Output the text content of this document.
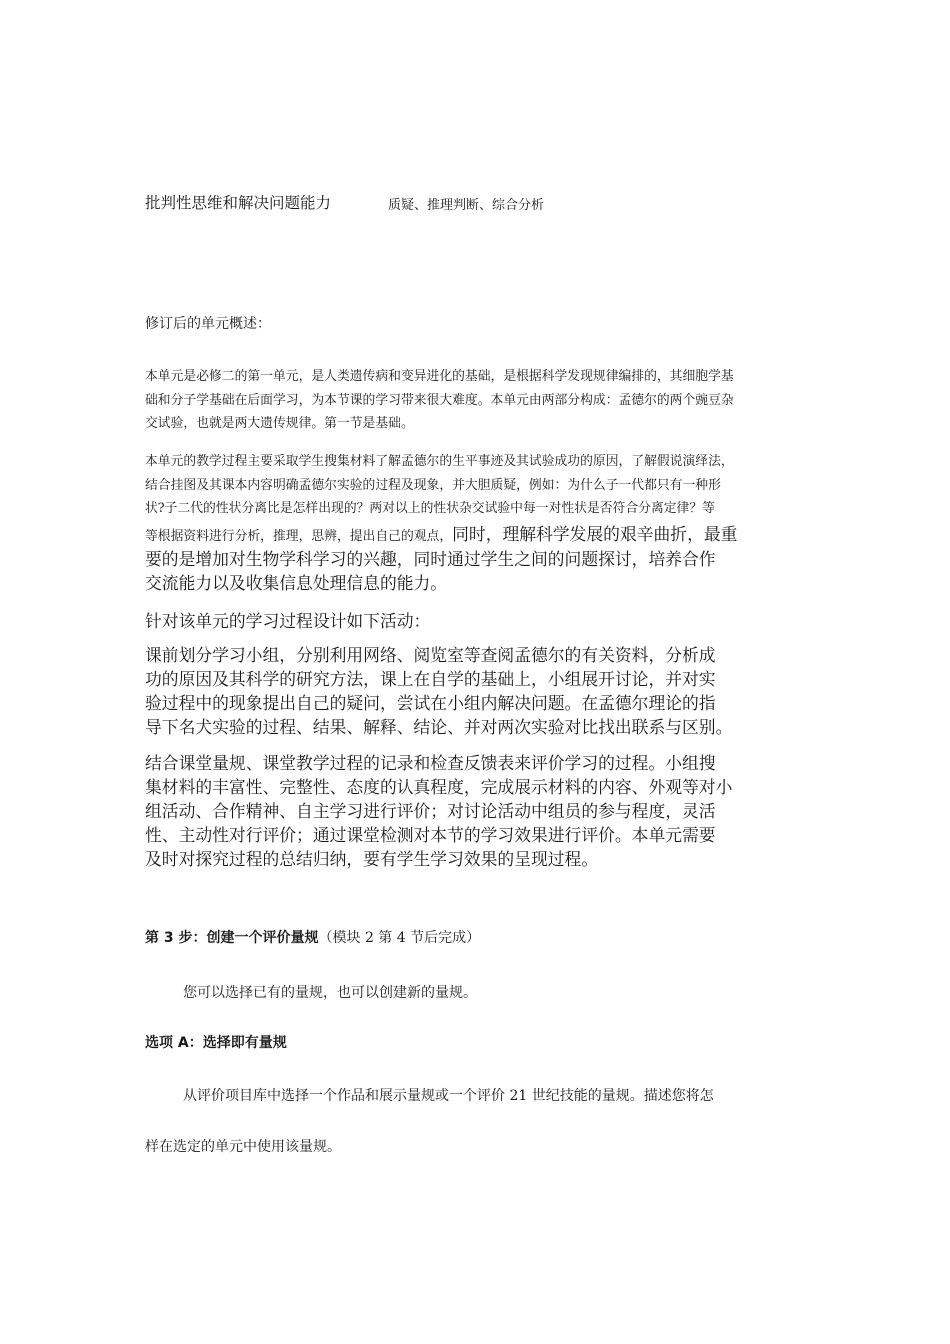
批判性思维和解决问题能力	质疑、推理判断、综合分析
修订后的单元概述：
本单元是必修二的第一单元，是人类遗传病和变异进化的基础，是根据科学发现规律编排的，其细胞学基
础和分子学基础在后面学习，为本节课的学习带来很大难度。本单元由两部分构成：孟德尔的两个豌豆杂
交试验，也就是两大遗传规律。第一节是基础。
本单元的教学过程主要采取学生搜集材料了解孟德尔的生平事迹及其试验成功的原因，了解假说演绎法，
结合挂图及其课本内容明确孟德尔实验的过程及现象，并大胆质疑，例如：为什么子一代都只有一种形
状?子二代的性状分离比是怎样出现的？两对以上的性状杂交试验中每一对性状是否符合分离定律？等
等根据资料进行分析，推理，思辨，提出自己的观点，同时，理解科学发展的艰辛曲折，最重
要的是增加对生物学科学习的兴趣，同时通过学生之间的问题探讨，培养合作
交流能力以及收集信息处理信息的能力。
针对该单元的学习过程设计如下活动：
课前划分学习小组，分别利用网络、阅览室等查阅孟德尔的有关资料，分析成
功的原因及其科学的研究方法，课上在自学的基础上，小组展开讨论，并对实
验过程中的现象提出自己的疑问，尝试在小组内解决问题。在孟德尔理论的指
导下名犬实验的过程、结果、解释、结论、并对两次实验对比找出联系与区别。
结合课堂量规、课堂教学过程的记录和检查反馈表来评价学习的过程。小组搜
集材料的丰富性、完整性、态度的认真程度，完成展示材料的内容、外观等对小
组活动、合作精神、自主学习进行评价；对讨论活动中组员的参与程度，灵活
性、主动性对行评价；通过课堂检测对本节的学习效果进行评价。本单元需要
及时对探究过程的总结归纳，要有学生学习效果的呈现过程。
第 3 步：创建一个评价量规（模块 2 第 4 节后完成）
您可以选择已有的量规，也可以创建新的量规。
选项 A：选择即有量规
从评价项目库中选择一个作品和展示量规或一个评价 21 世纪技能的量规。描述您将怎
样在选定的单元中使用该量规。
